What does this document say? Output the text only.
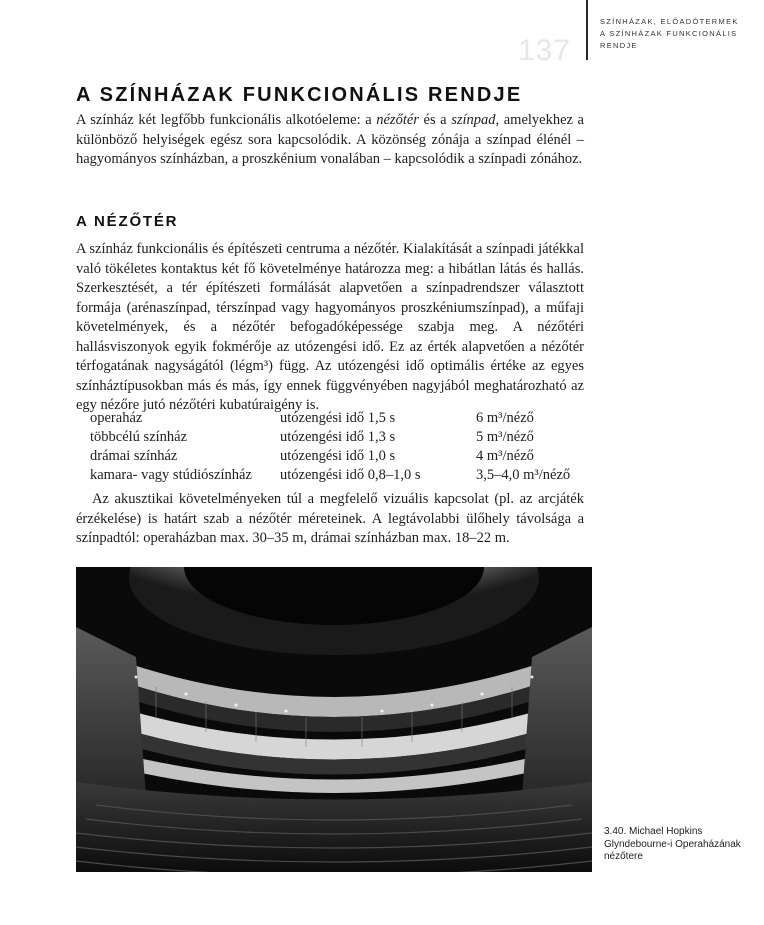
137
SZÍNHÁZAK, ELŐADÓTERMEK
A SZÍNHÁZAK FUNKCIONÁLIS
RENDJE
A SZÍNHÁZAK FUNKCIONÁLIS RENDJE
A színház két legfőbb funkcionális alkotóeleme: a nézőtér és a színpad, amelyekhez a különböző helyiségek egész sora kapcsolódik. A közönség zónája a színpad élénél – hagyományos színházban, a proszkénium vonalában – kapcsolódik a színpadi zónához.
A NÉZŐTÉR
A színház funkcionális és építészeti centruma a nézőtér. Kialakítását a színpadi játékkal való tökéletes kontaktus két fő követelménye határozza meg: a hibátlan látás és hallás. Szerkesztését, a tér építészeti formálását alapvetően a színpadrendszer választott formája (arénaszínpad, térszínpad vagy hagyományos proszkéniumszínpad), a műfaji követelmények, és a nézőtér befogadóképessége szabja meg. A nézőtéri hallásviszonyok egyik fokmérője az utózengési idő. Ez az érték alapvetően a nézőtér térfogatának nagyságától (légm³) függ. Az utózengési idő optimális értéke az egyes színháztípusokban más és más, így ennek függvényében nagyjából meghatározható az egy nézőre jutó nézőtéri kubatúraigény is.
operaház	utózengési idő 1,5 s	6 m³/néző
többcélú színház	utózengési idő 1,3 s	5 m³/néző
drámai színház	utózengési idő 1,0 s	4 m³/néző
kamara- vagy stúdiószínház	utózengési idő 0,8–1,0 s	3,5–4,0 m³/néző
Az akusztikai követelményeken túl a megfelelő vizuális kapcsolat (pl. az arcjáték érzékelése) is határt szab a nézőtér méreteinek. A legtávolabbi ülőhely távolsága a színpadtól: operaházban max. 30–35 m, drámai színházban max. 18–22 m.
3.40. Michael Hopkins
Glyndebourne-i Operaházának
nézőtere
